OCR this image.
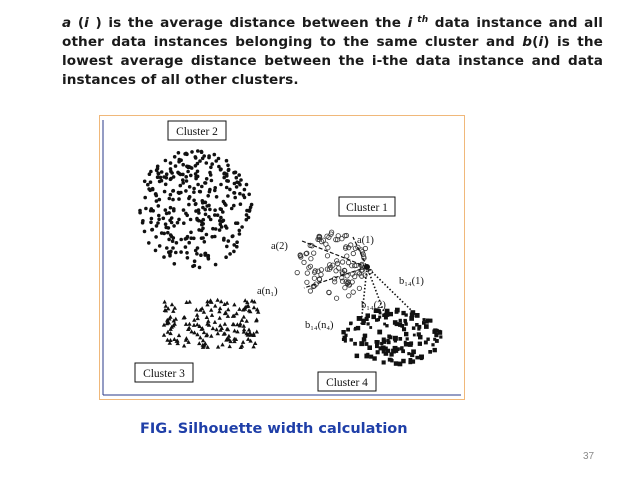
a (i ) is the average distance between the i $^{th}$ data instance and all other data instances belonging to the same cluster and b(i) is the lowest average distance between the i-the data instance and data instances of all other clusters.
Cluster 2
Cluster 1
Cluster 3
Cluster 4
a(2)
a(1)
a(n₁)
b₁₄(1)
b₁₄(2)
b₁₄(n₄)
FIG. Silhouette width calculation
37
